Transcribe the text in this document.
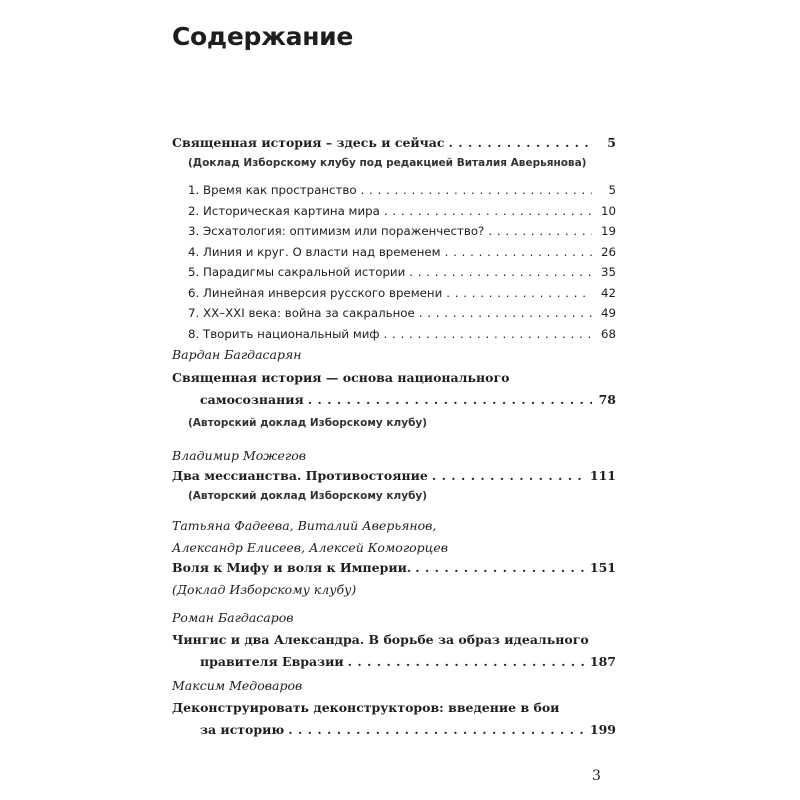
Содержание
Священная история – здесь и сейчас . . .	5
(Доклад Изборскому клубу под редакцией Виталия Аверьянова)
1. Время как пространство . . .	5
2. Историческая картина мира . . .	10
3. Эсхатология: оптимизм или пораженчество? . . .	19
4. Линия и круг. О власти над временем . . .	26
5. Парадигмы сакральной истории . . .	35
6. Линейная инверсия русского времени . . .	42
7. XX–XXI века: война за сакральное . . .	49
8. Творить национальный миф . . .	68
Вардан Багдасарян
Священная история — основа национального
самосознания . . .	78
(Авторский доклад Изборскому клубу)
Владимир Можегов
Два мессианства. Противостояние . . .	111
(Авторский доклад Изборскому клубу)
Татьяна Фадеева, Виталий Аверьянов,
Александр Елисеев, Алексей Комогорцев
Воля к Мифу и воля к Империи. . . .	151
(Доклад Изборскому клубу)
Роман Багдасаров
Чингис и два Александра. В борьбе за образ идеального
правителя Евразии . . .	187
Максим Медоваров
Деконструировать деконструкторов: введение в бои
за историю . . .	199
3
